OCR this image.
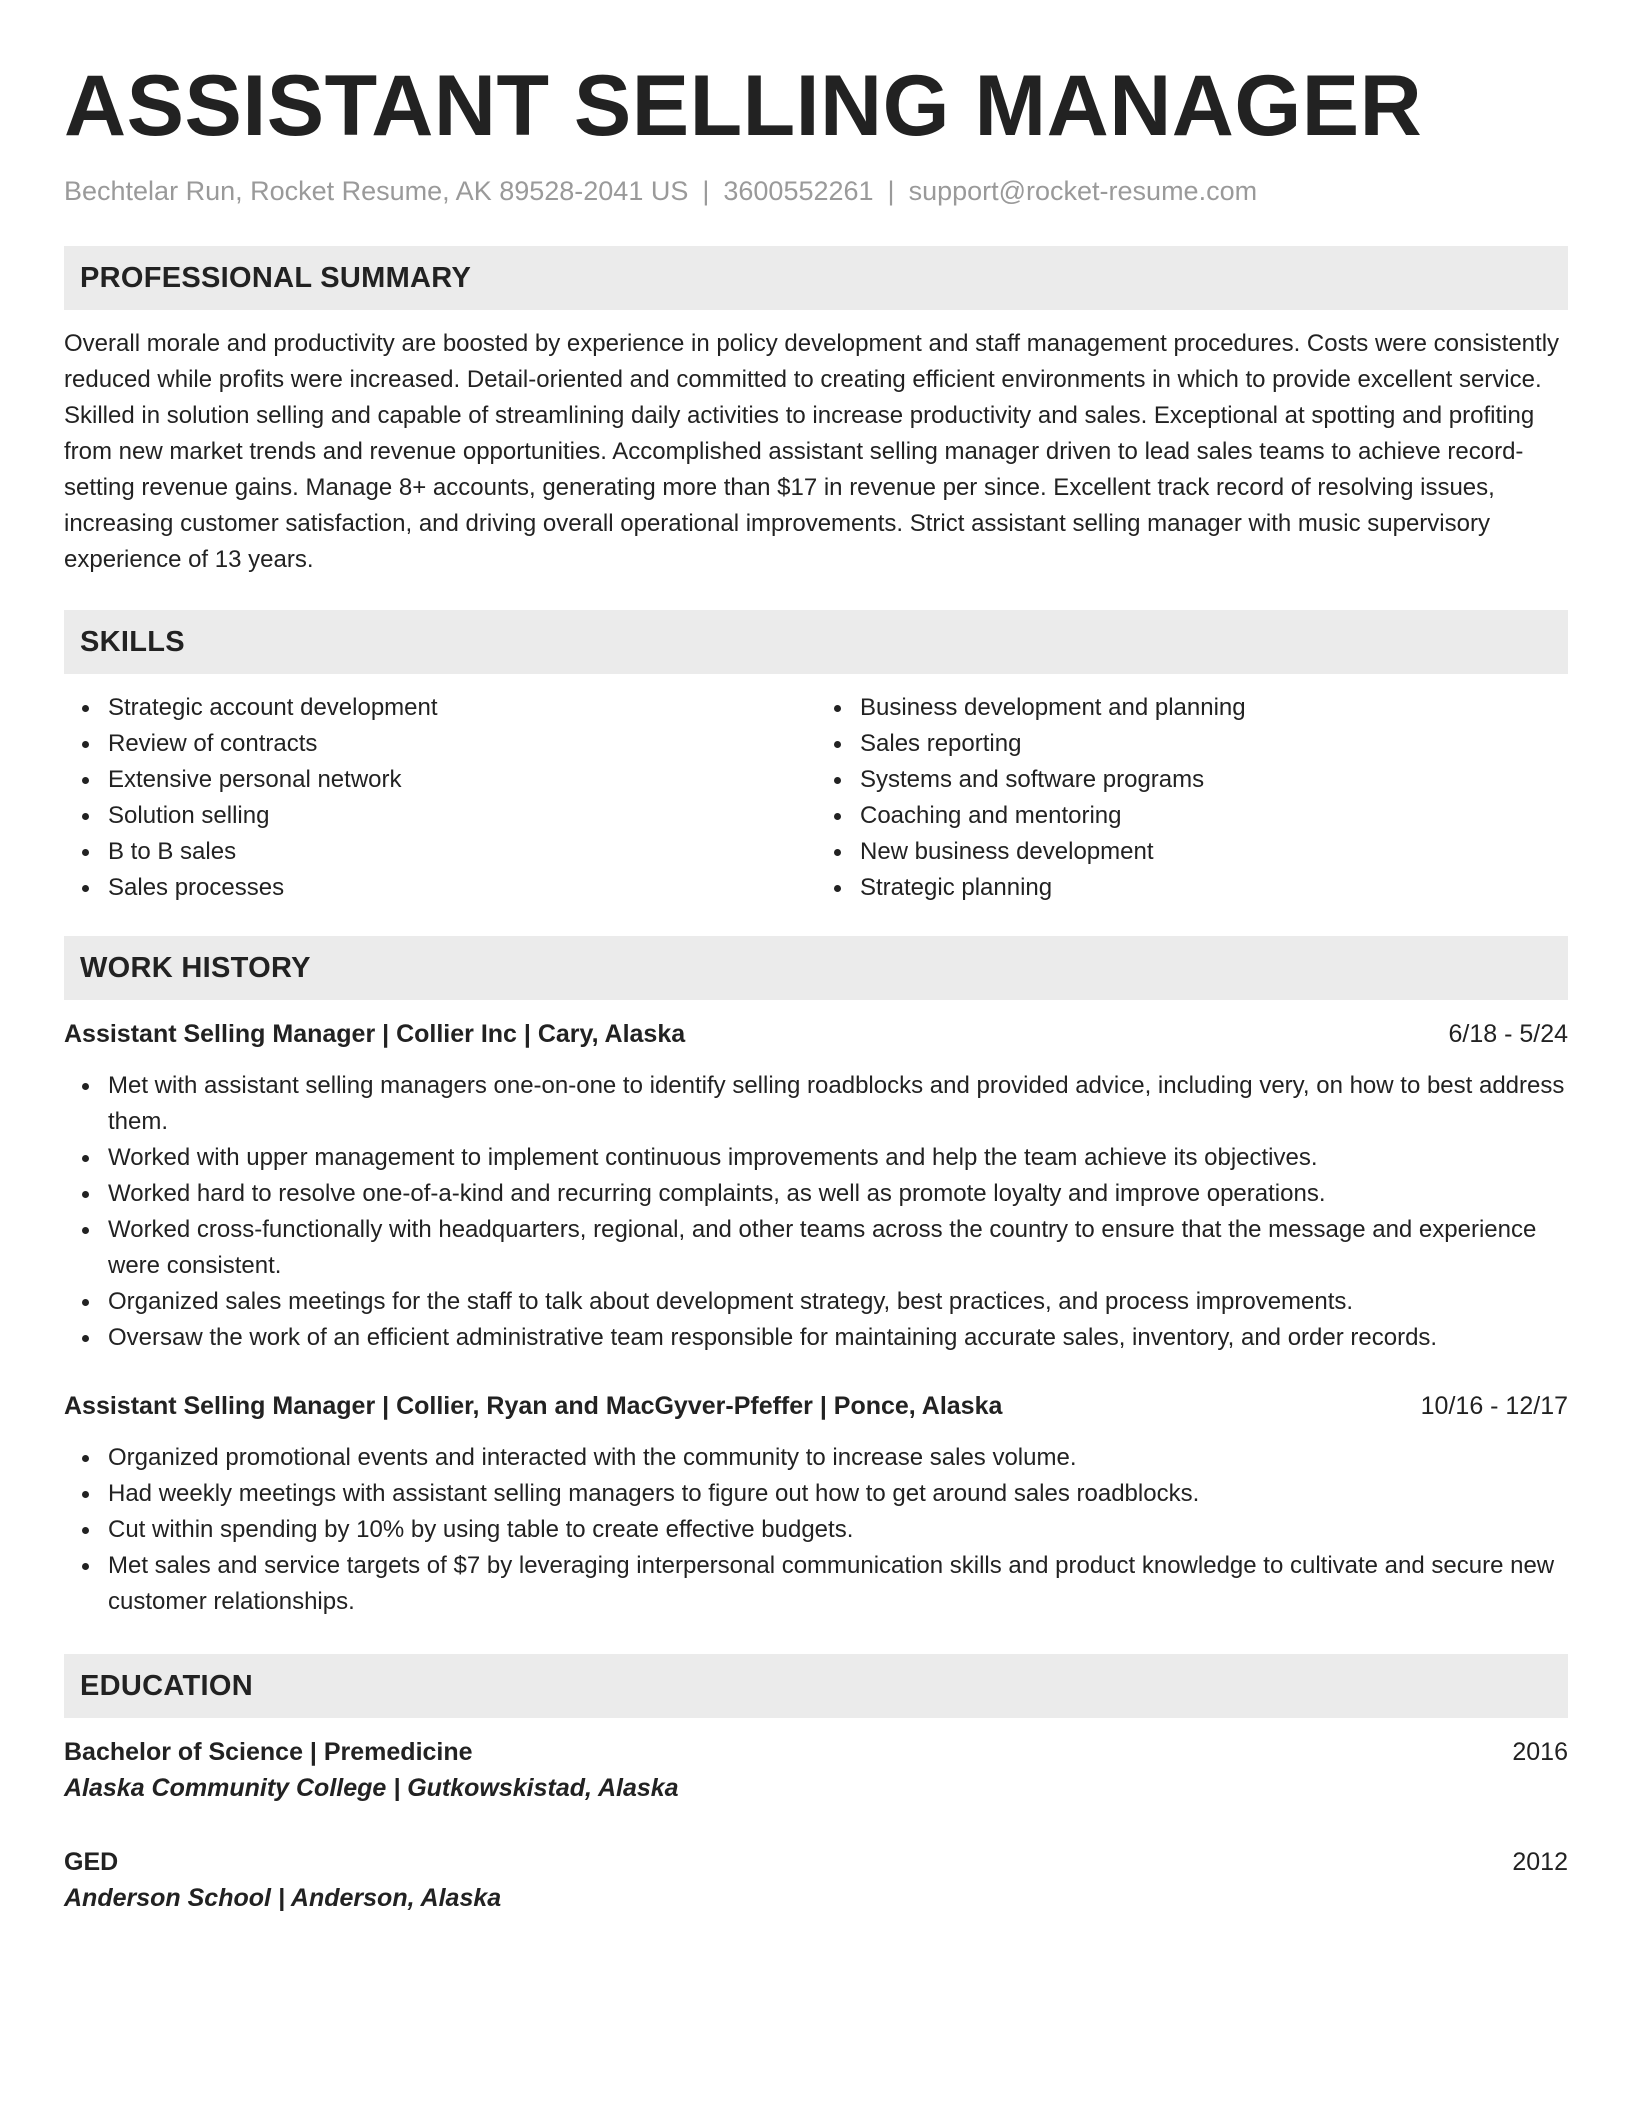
ASSISTANT SELLING MANAGER
Bechtelar Run, Rocket Resume, AK 89528-2041 US | 3600552261 | support@rocket-resume.com
PROFESSIONAL SUMMARY

Overall morale and productivity are boosted by experience in policy development and staff management procedures. Costs were consistently reduced while profits were increased. Detail-oriented and committed to creating efficient environments in which to provide excellent service. Skilled in solution selling and capable of streamlining daily activities to increase productivity and sales. Exceptional at spotting and profiting from new market trends and revenue opportunities. Accomplished assistant selling manager driven to lead sales teams to achieve record-setting revenue gains. Manage 8+ accounts, generating more than $17 in revenue per since. Excellent track record of resolving issues, increasing customer satisfaction, and driving overall operational improvements. Strict assistant selling manager with music supervisory experience of 13 years.

SKILLS
Strategic account development
Review of contracts
Extensive personal network
Solution selling
B to B sales
Sales processes
Business development and planning
Sales reporting
Systems and software programs
Coaching and mentoring
New business development
Strategic planning
WORK HISTORY
Assistant Selling Manager | Collier Inc | Cary, Alaska	6/18 - 5/24
Met with assistant selling managers one-on-one to identify selling roadblocks and provided advice, including very, on how to best address them.
Worked with upper management to implement continuous improvements and help the team achieve its objectives.
Worked hard to resolve one-of-a-kind and recurring complaints, as well as promote loyalty and improve operations.
Worked cross-functionally with headquarters, regional, and other teams across the country to ensure that the message and experience were consistent.
Organized sales meetings for the staff to talk about development strategy, best practices, and process improvements.
Oversaw the work of an efficient administrative team responsible for maintaining accurate sales, inventory, and order records.
Assistant Selling Manager | Collier, Ryan and MacGyver-Pfeffer | Ponce, Alaska	10/16 - 12/17
Organized promotional events and interacted with the community to increase sales volume.
Had weekly meetings with assistant selling managers to figure out how to get around sales roadblocks.
Cut within spending by 10% by using table to create effective budgets.
Met sales and service targets of $7 by leveraging interpersonal communication skills and product knowledge to cultivate and secure new customer relationships.
EDUCATION
Bachelor of Science | Premedicine	2016
Alaska Community College | Gutkowskistad, Alaska
GED	2012
Anderson School | Anderson, Alaska
